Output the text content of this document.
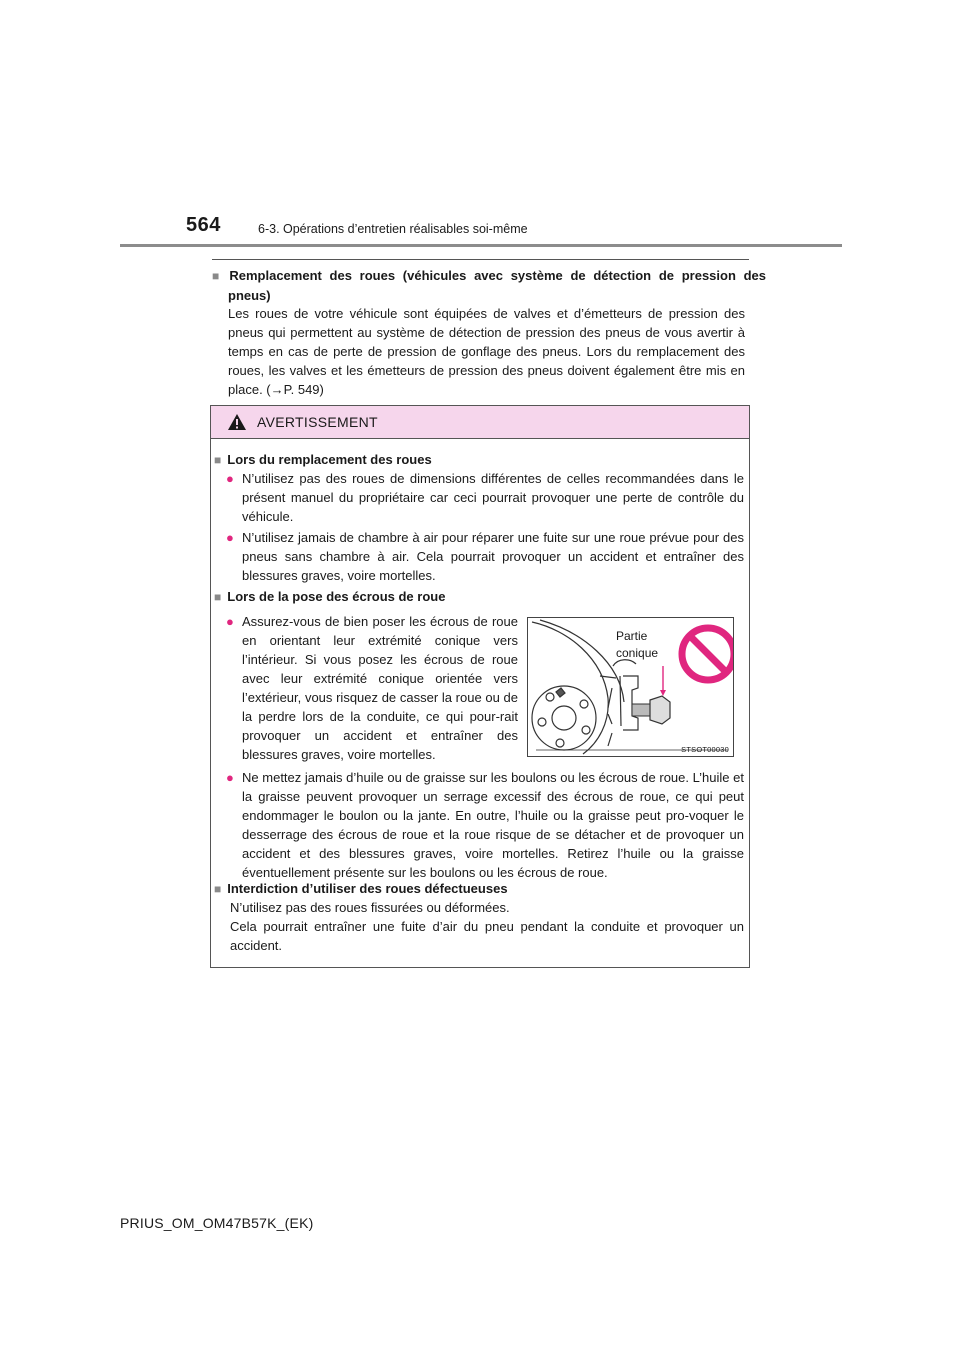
564	6-3. Opérations d’entretien réalisables soi-même
■ Remplacement des roues (véhicules avec système de détection de pression des pneus)
Les roues de votre véhicule sont équipées de valves et d’émetteurs de pression des pneus qui permettent au système de détection de pression des pneus de vous avertir à temps en cas de perte de pression de gonflage des pneus. Lors du remplacement des roues, les valves et les émetteurs de pression des pneus doivent également être mis en place. (→P. 549)
AVERTISSEMENT
■ Lors du remplacement des roues
● N’utilisez pas des roues de dimensions différentes de celles recommandées dans le présent manuel du propriétaire car ceci pourrait provoquer une perte de contrôle du véhicule.
● N’utilisez jamais de chambre à air pour réparer une fuite sur une roue prévue pour des pneus sans chambre à air. Cela pourrait provoquer un accident et entraîner des blessures graves, voire mortelles.
■ Lors de la pose des écrous de roue
● Assurez-vous de bien poser les écrous de roue en orientant leur extrémité conique vers l’intérieur. Si vous posez les écrous de roue avec leur extrémité conique orientée vers l’extérieur, vous risquez de casser la roue ou de la perdre lors de la conduite, ce qui pour-rait provoquer un accident et entraîner des blessures graves, voire mortelles.
Partie
conique
STSOT00030
● Ne mettez jamais d’huile ou de graisse sur les boulons ou les écrous de roue. L’huile et la graisse peuvent provoquer un serrage excessif des écrous de roue, ce qui peut endommager le boulon ou la jante. En outre, l’huile ou la graisse peut pro-voquer le desserrage des écrous de roue et la roue risque de se détacher et de provoquer un accident et des blessures graves, voire mortelles. Retirez l’huile ou la graisse éventuellement présente sur les boulons ou les écrous de roue.
■ Interdiction d’utiliser des roues défectueuses
N’utilisez pas des roues fissurées ou déformées.
Cela pourrait entraîner une fuite d’air du pneu pendant la conduite et provoquer un accident.
PRIUS_OM_OM47B57K_(EK)
